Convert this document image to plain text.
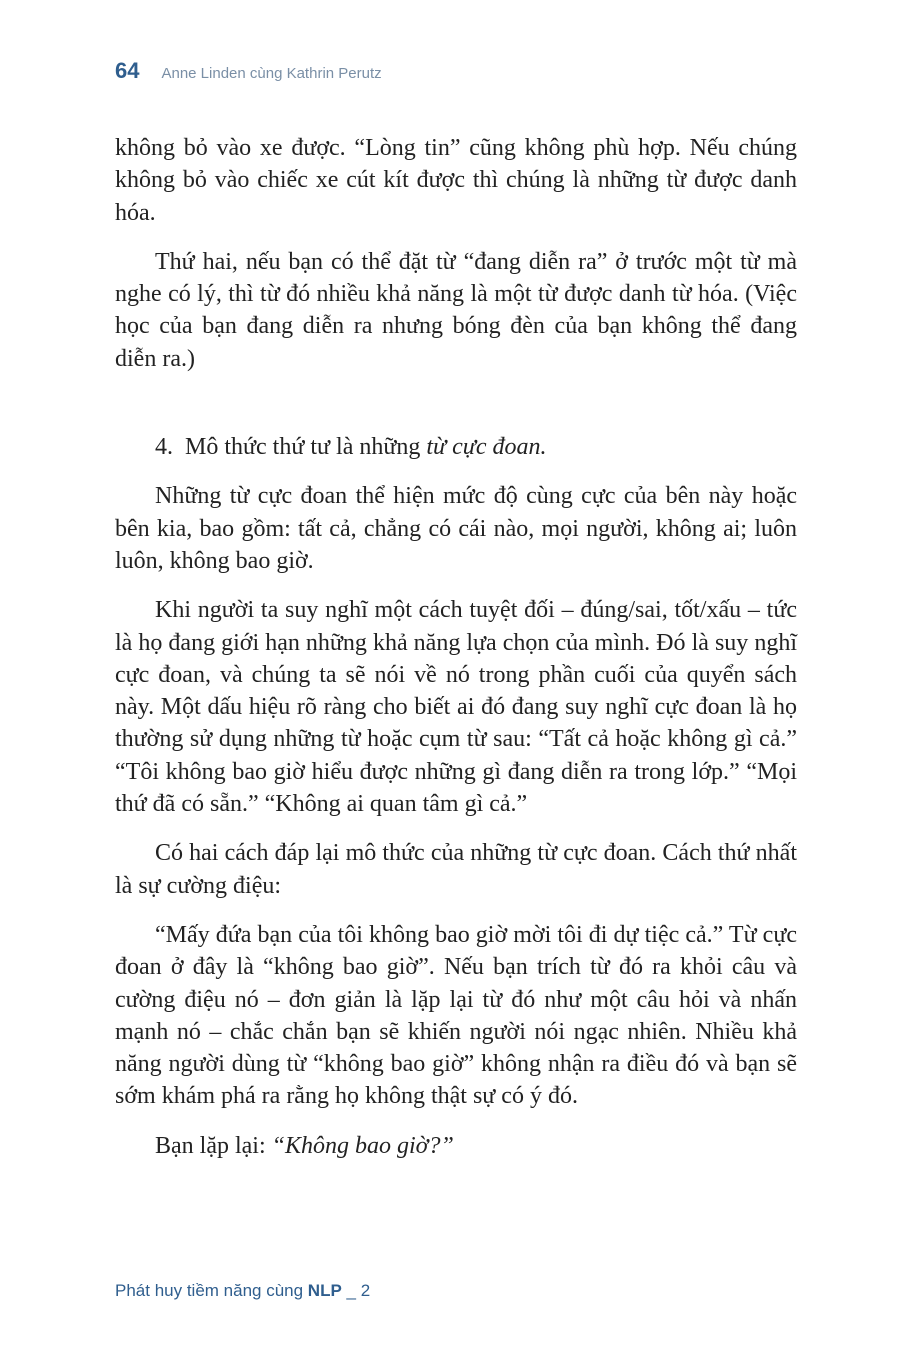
64 Anne Linden cùng Kathrin Perutz

không bỏ vào xe được. “Lòng tin” cũng không phù hợp. Nếu chúng không bỏ vào chiếc xe cút kít được thì chúng là những từ được danh hóa.

Thứ hai, nếu bạn có thể đặt từ “đang diễn ra” ở trước một từ mà nghe có lý, thì từ đó nhiều khả năng là một từ được danh từ hóa. (Việc học của bạn đang diễn ra nhưng bóng đèn của bạn không thể đang diễn ra.)

4. Mô thức thứ tư là những từ cực đoan.

Những từ cực đoan thể hiện mức độ cùng cực của bên này hoặc bên kia, bao gồm: tất cả, chẳng có cái nào, mọi người, không ai; luôn luôn, không bao giờ.

Khi người ta suy nghĩ một cách tuyệt đối – đúng/sai, tốt/xấu – tức là họ đang giới hạn những khả năng lựa chọn của mình. Đó là suy nghĩ cực đoan, và chúng ta sẽ nói về nó trong phần cuối của quyển sách này. Một dấu hiệu rõ ràng cho biết ai đó đang suy nghĩ cực đoan là họ thường sử dụng những từ hoặc cụm từ sau: “Tất cả hoặc không gì cả.” “Tôi không bao giờ hiểu được những gì đang diễn ra trong lớp.” “Mọi thứ đã có sẵn.” “Không ai quan tâm gì cả.”

Có hai cách đáp lại mô thức của những từ cực đoan. Cách thứ nhất là sự cường điệu:

“Mấy đứa bạn của tôi không bao giờ mời tôi đi dự tiệc cả.” Từ cực đoan ở đây là “không bao giờ”. Nếu bạn trích từ đó ra khỏi câu và cường điệu nó – đơn giản là lặp lại từ đó như một câu hỏi và nhấn mạnh nó – chắc chắn bạn sẽ khiến người nói ngạc nhiên. Nhiều khả năng người dùng từ “không bao giờ” không nhận ra điều đó và bạn sẽ sớm khám phá ra rằng họ không thật sự có ý đó.

Bạn lặp lại: “Không bao giờ?”

Phát huy tiềm năng cùng NLP _ 2
